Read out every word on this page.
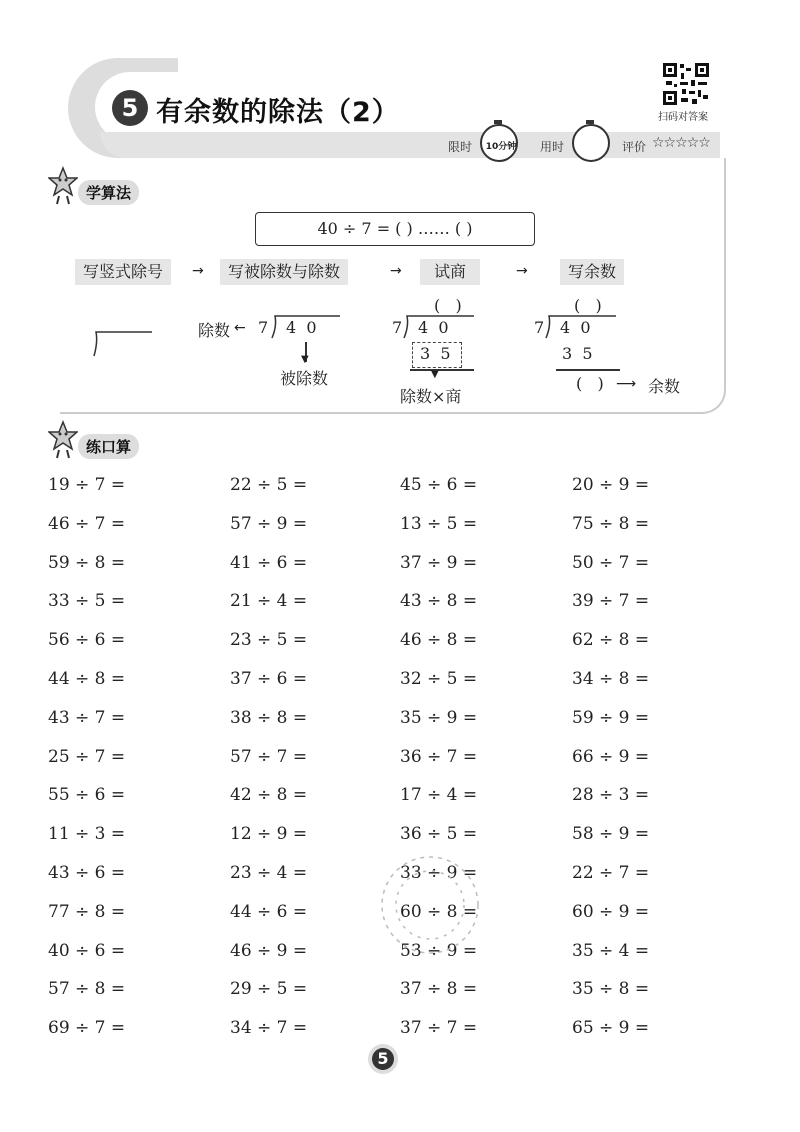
5 有余数的除法（2）	扫码对答案
限时	10分钟	用时	评价 ☆☆☆☆☆
学算法
40 ÷ 7 = ( ) …… ( )
写竖式除号	→	写被除数与除数	→	试商	→	写余数
除数 ← 7 4  0
▼
被除数
(   )
7 4  0
3  5
▼
除数×商
(   )
7 4  0
3  5
(   ) ⟶ 余数
练口算
19 ÷ 7 =	22 ÷ 5 =	45 ÷ 6 =	20 ÷ 9 =
46 ÷ 7 =	57 ÷ 9 =	13 ÷ 5 =	75 ÷ 8 =
59 ÷ 8 =	41 ÷ 6 =	37 ÷ 9 =	50 ÷ 7 =
33 ÷ 5 =	21 ÷ 4 =	43 ÷ 8 =	39 ÷ 7 =
56 ÷ 6 =	23 ÷ 5 =	46 ÷ 8 =	62 ÷ 8 =
44 ÷ 8 =	37 ÷ 6 =	32 ÷ 5 =	34 ÷ 8 =
43 ÷ 7 =	38 ÷ 8 =	35 ÷ 9 =	59 ÷ 9 =
25 ÷ 7 =	57 ÷ 7 =	36 ÷ 7 =	66 ÷ 9 =
55 ÷ 6 =	42 ÷ 8 =	17 ÷ 4 =	28 ÷ 3 =
11 ÷ 3 =	12 ÷ 9 =	36 ÷ 5 =	58 ÷ 9 =
43 ÷ 6 =	23 ÷ 4 =	33 ÷ 9 =	22 ÷ 7 =
77 ÷ 8 =	44 ÷ 6 =	60 ÷ 8 =	60 ÷ 9 =
40 ÷ 6 =	46 ÷ 9 =	53 ÷ 9 =	35 ÷ 4 =
57 ÷ 8 =	29 ÷ 5 =	37 ÷ 8 =	35 ÷ 8 =
69 ÷ 7 =	34 ÷ 7 =	37 ÷ 7 =	65 ÷ 9 =
5
